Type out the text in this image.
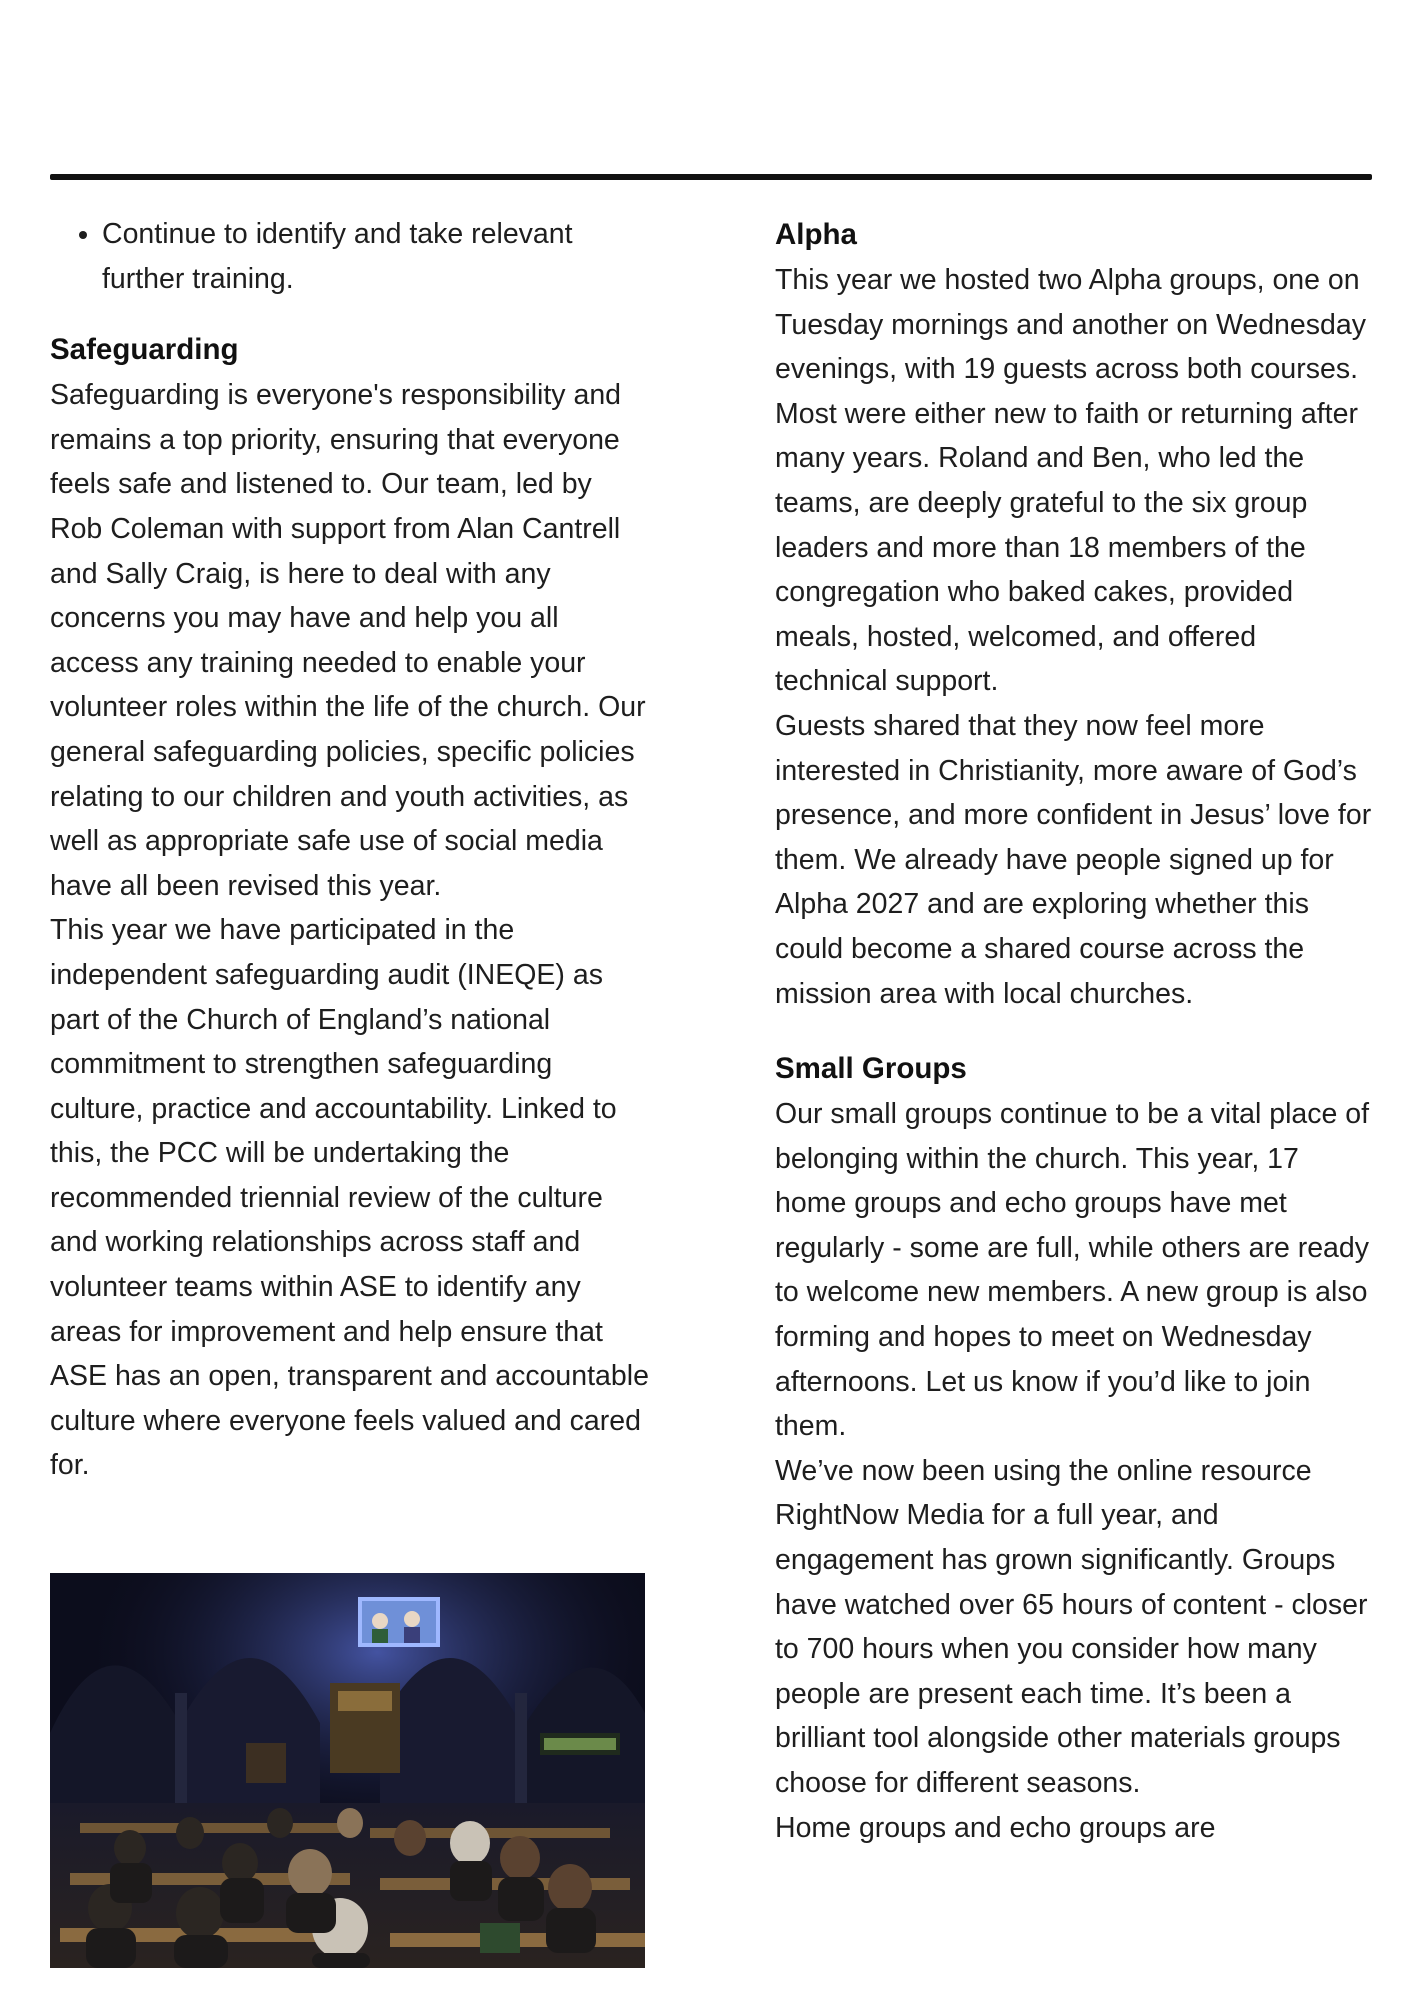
• Continue to identify and take relevant further training.
Safeguarding

Safeguarding is everyone's responsibility and remains a top priority, ensuring that everyone feels safe and listened to. Our team, led by Rob Coleman with support from Alan Cantrell and Sally Craig, is here to deal with any concerns you may have and help you all access any training needed to enable your volunteer roles within the life of the church. Our general safeguarding policies, specific policies relating to our children and youth activities, as well as appropriate safe use of social media have all been revised this year.

This year we have participated in the independent safeguarding audit (INEQE) as part of the Church of England’s national commitment to strengthen safeguarding culture, practice and accountability. Linked to this, the PCC will be undertaking the recommended triennial review of the culture and working relationships across staff and volunteer teams within ASE to identify any areas for improvement and help ensure that ASE has an open, transparent and accountable culture where everyone feels valued and cared for.

Alpha

This year we hosted two Alpha groups, one on Tuesday mornings and another on Wednesday evenings, with 19 guests across both courses. Most were either new to faith or returning after many years. Roland and Ben, who led the teams, are deeply grateful to the six group leaders and more than 18 members of the congregation who baked cakes, provided meals, hosted, welcomed, and offered technical support.

Guests shared that they now feel more interested in Christianity, more aware of God’s presence, and more confident in Jesus’ love for them. We already have people signed up for Alpha 2027 and are exploring whether this could become a shared course across the mission area with local churches.

Small Groups

Our small groups continue to be a vital place of belonging within the church. This year, 17 home groups and echo groups have met regularly - some are full, while others are ready to welcome new members. A new group is also forming and hopes to meet on Wednesday afternoons. Let us know if you’d like to join them.

We’ve now been using the online resource RightNow Media for a full year, and engagement has grown significantly. Groups have watched over 65 hours of content - closer to 700 hours when you consider how many people are present each time. It’s been a brilliant tool alongside other materials groups choose for different seasons.

Home groups and echo groups are
